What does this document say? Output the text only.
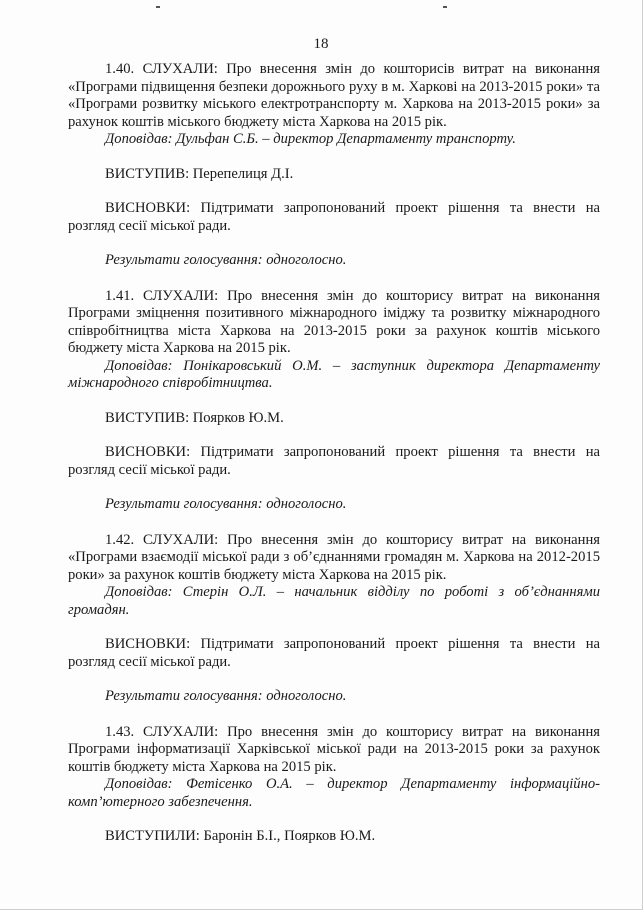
18

1.40. СЛУХАЛИ: Про внесення змін до кошторисів витрат на виконання «Програми підвищення безпеки дорожнього руху в м. Харкові на 2013-2015 роки» та «Програми розвитку міського електротранспорту м. Харкова на 2013-2015 роки» за рахунок коштів міського бюджету міста Харкова на 2015 рік.

Доповідав: Дульфан С.Б. – директор Департаменту транспорту.

ВИСТУПИВ: Перепелиця Д.І.

ВИСНОВКИ: Підтримати запропонований проект рішення та внести на розгляд сесії міської ради.

Результати голосування: одноголосно.

1.41. СЛУХАЛИ: Про внесення змін до кошторису витрат на виконання Програми зміцнення позитивного міжнародного іміджу та розвитку міжнародного співробітництва міста Харкова на 2013-2015 роки за рахунок коштів міського бюджету міста Харкова на 2015 рік.

Доповідав: Понікаровський О.М. – заступник директора Департаменту міжнародного співробітництва.

ВИСТУПИВ: Поярков Ю.М.

ВИСНОВКИ: Підтримати запропонований проект рішення та внести на розгляд сесії міської ради.

Результати голосування: одноголосно.

1.42. СЛУХАЛИ: Про внесення змін до кошторису витрат на виконання «Програми взаємодії міської ради з об’єднаннями громадян м. Харкова на 2012-2015 роки» за рахунок коштів бюджету міста Харкова на 2015 рік.

Доповідав: Стерін О.Л. – начальник відділу по роботі з об’єднаннями громадян.

ВИСНОВКИ: Підтримати запропонований проект рішення та внести на розгляд сесії міської ради.

Результати голосування: одноголосно.

1.43. СЛУХАЛИ: Про внесення змін до кошторису витрат на виконання Програми інформатизації Харківської міської ради на 2013-2015 роки за рахунок коштів бюджету міста Харкова на 2015 рік.

Доповідав: Фетісенко О.А. – директор Департаменту інформаційно-комп’ютерного забезпечення.

ВИСТУПИЛИ: Баронін Б.І., Поярков Ю.М.
